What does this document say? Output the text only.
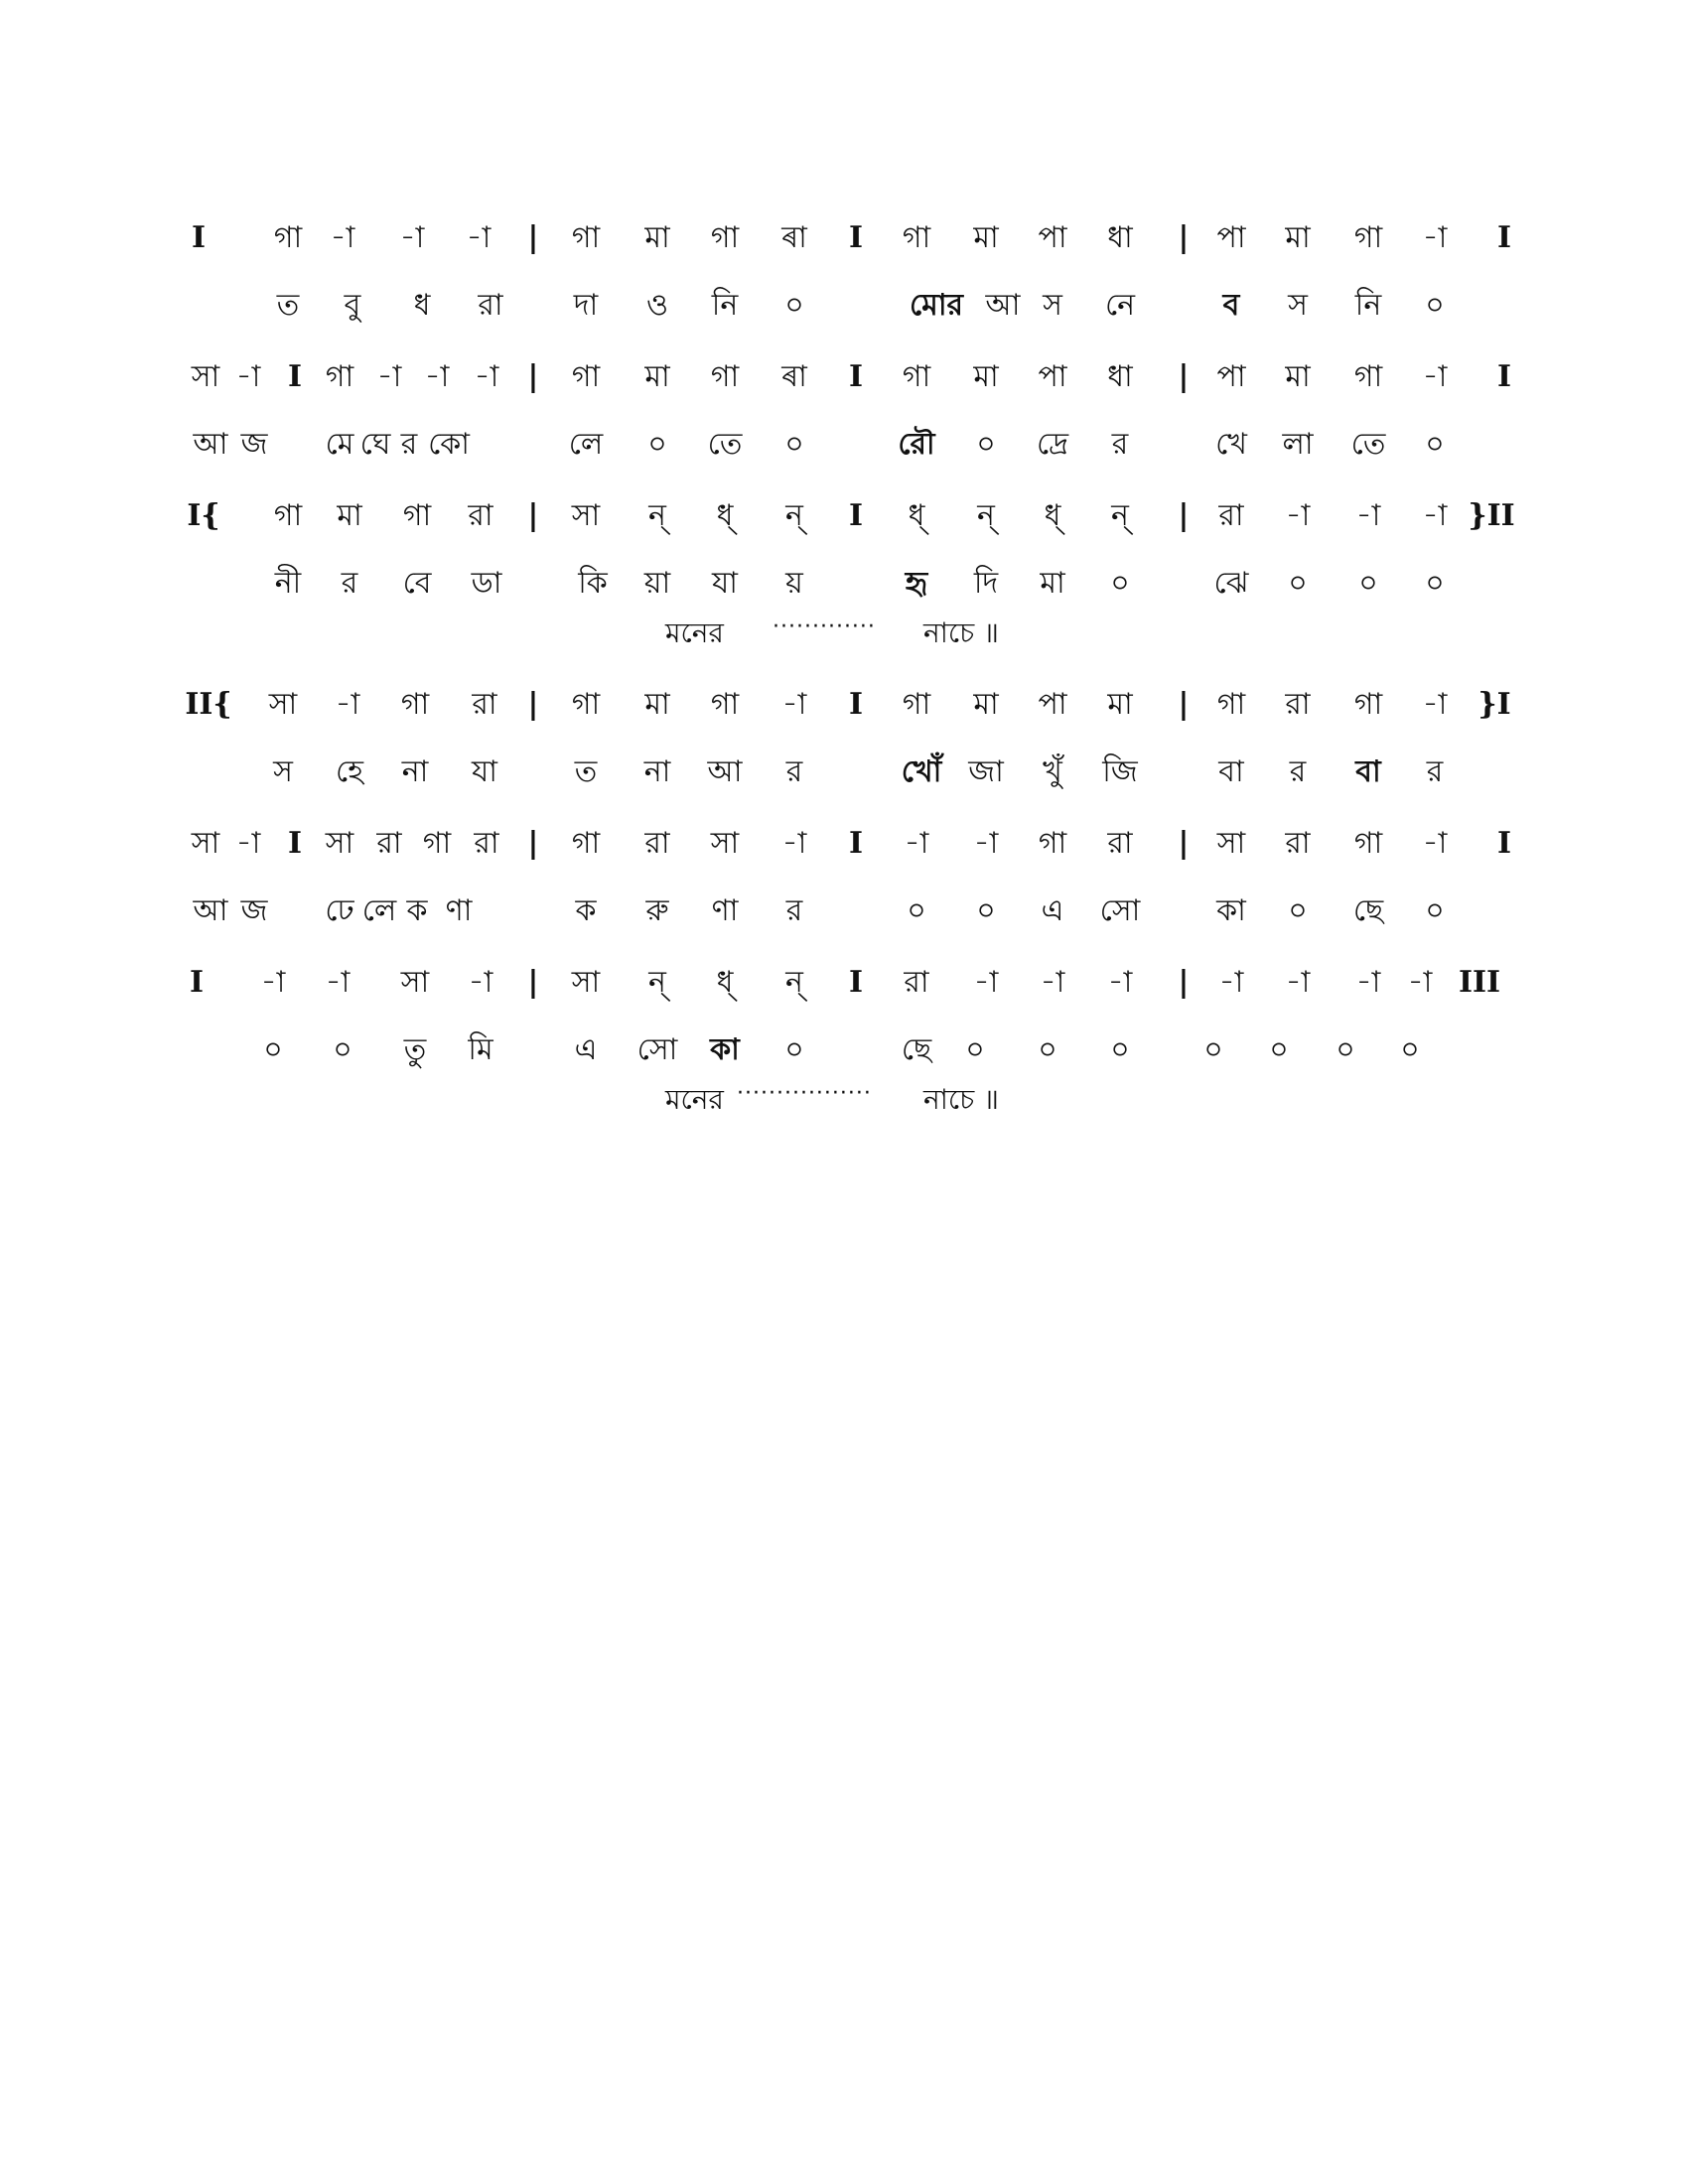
I গা -া -া -া | গা মা গা ৰা I গা মা পা ধা | পা মা গা -া I
ত বু ধ রা দা ও নি ০	মোর আ স নে	ব স নি ০
সা -া I গা -া -া -া | গা মা গা ৰা I গা মা পা ধা | পা মা গা -া I
আ জ মে ঘে র কো	লে ০ তে ০	রৌ ০ দ্রে র	খে লা তে ০
I{ গা মা গা রা | সা ন্ ধ্ ন্ I ধ্ ন্ ধ্ ন্ | রা -া -া -া }II
নী র বে ডা	কি য়া যা য়	হৃ দি মা ০	ঝে ০ ০ ০
মনের ············· নাচে ॥
II{ সা -া গা রা | গা মা গা -া I গা মা পা মা | গা রা গা -া }I
স হে না যা	ত না আ র	খোঁ জা খুঁ জি	বা র বা র
সা -া I সা রা গা রা | গা রা সা -া I -া -া গা রা | সা রা গা -া I
আ জ ঢে লে ক ণা	ক রু ণা র	০ ০ এ সো	কা ০ ছে ০
I -া -া সা -া | সা ন্ ধ্ ন্ I রা -া -া -া | -া -া -া -া III
০ ০ তু মি	এ সো কা ০	ছে ০ ০ ০ ০ ০ ০ ০
মনের ················· নাচে ॥
